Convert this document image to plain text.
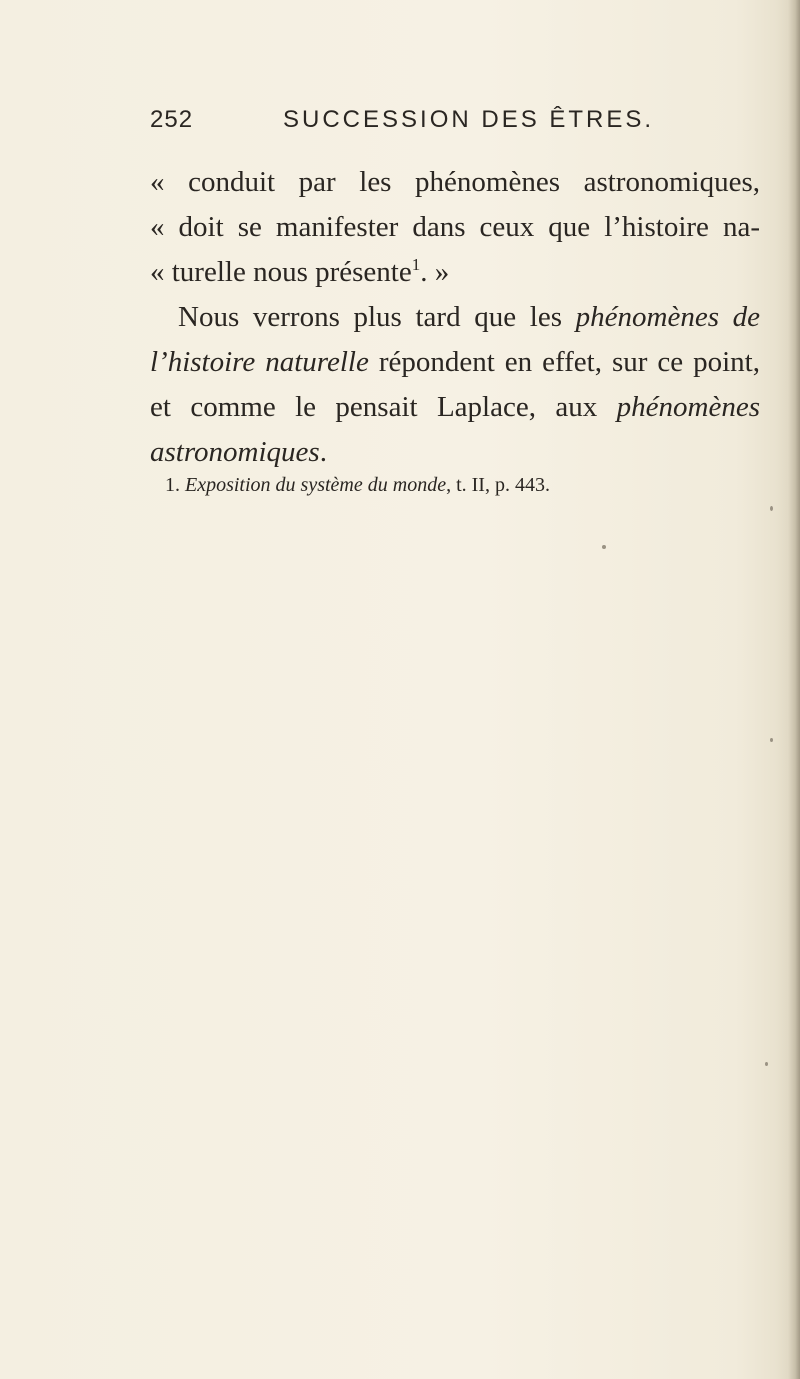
252	SUCCESSION DES ÊTRES.
« conduit par les phénomènes astronomiques,
« doit se manifester dans ceux que l’histoire na-
« turelle nous présente$^1$. »
Nous verrons plus tard que les phénomènes de
l’histoire naturelle répondent en effet, sur ce point,
et comme le pensait Laplace, aux phénomènes
astronomiques.
1. Exposition du système du monde, t. II, p. 443.
